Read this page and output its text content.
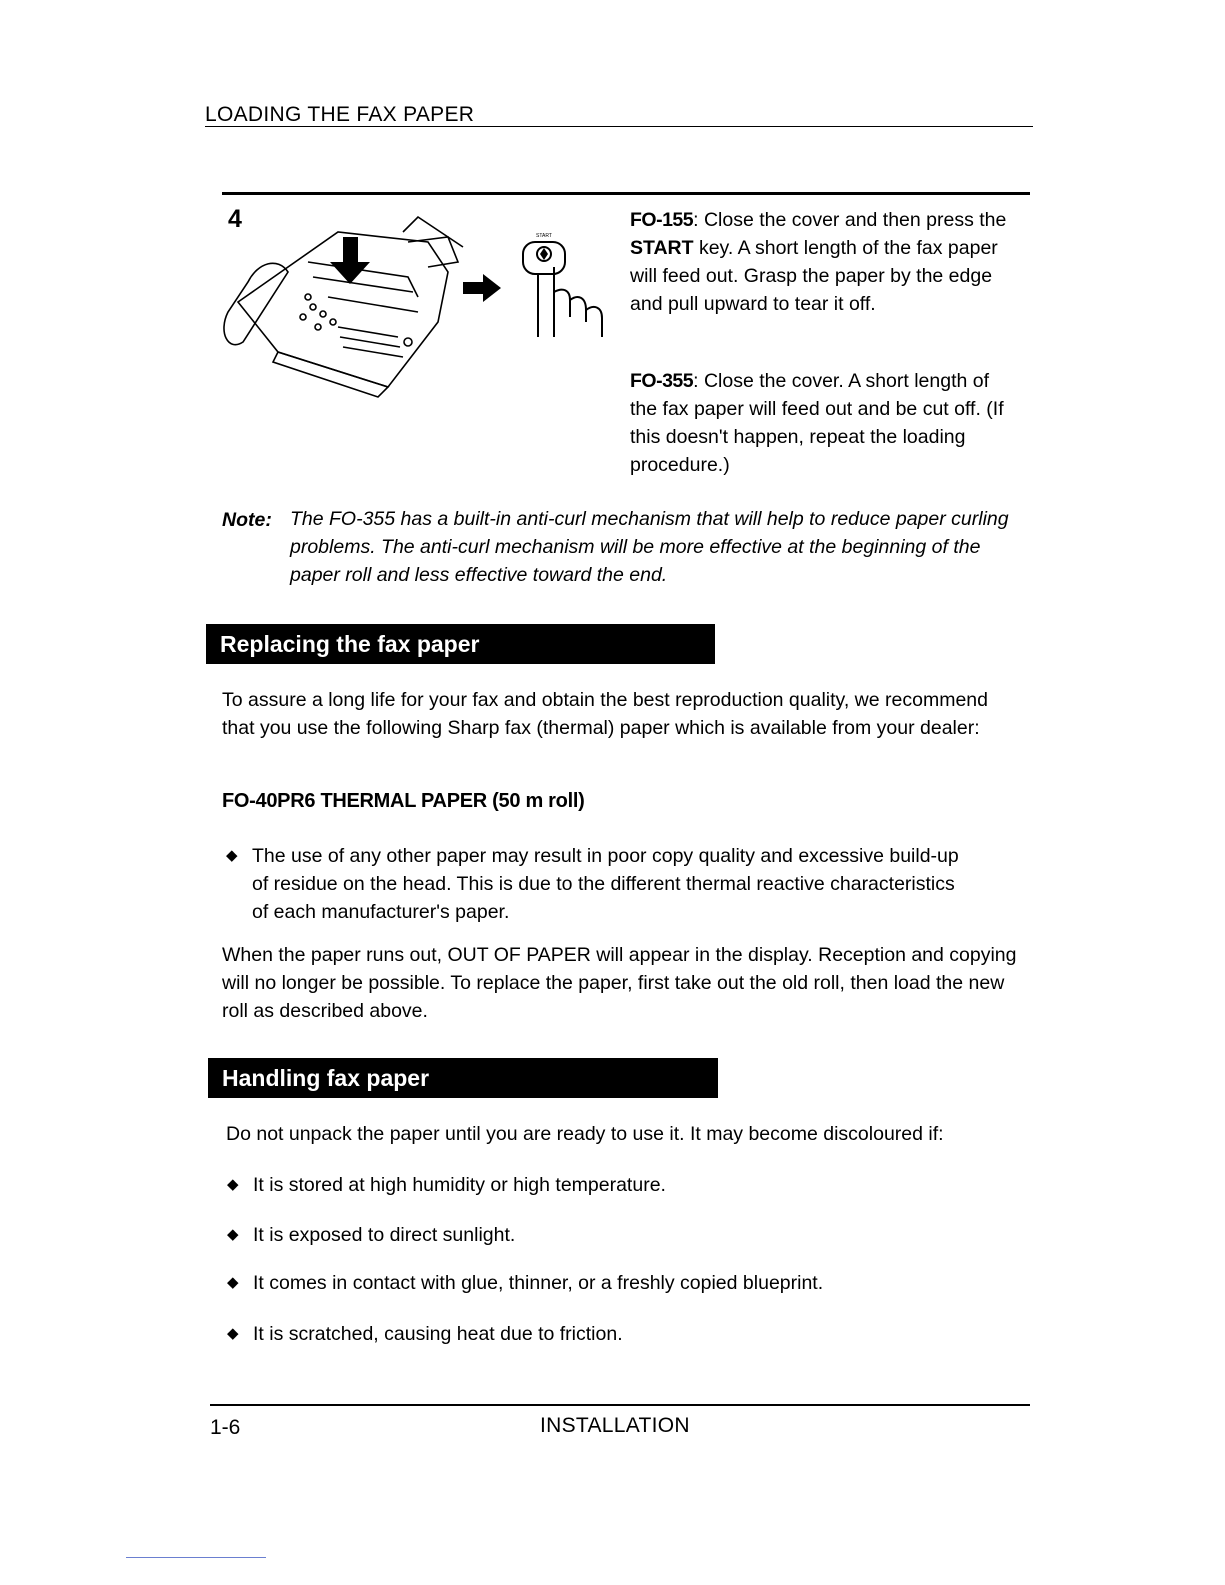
LOADING THE FAX PAPER
4
START
FO-155: Close the cover and then press the START key. A short length of the fax paper will feed out. Grasp the paper by the edge and pull upward to tear it off.
FO-355: Close the cover. A short length of the fax paper will feed out and be cut off. (If this doesn't happen, repeat the loading procedure.)
Note: The FO-355 has a built-in anti-curl mechanism that will help to reduce paper curling problems. The anti-curl mechanism will be more effective at the beginning of the paper roll and less effective toward the end.
Replacing the fax paper
To assure a long life for your fax and obtain the best reproduction quality, we recommend that you use the following Sharp fax (thermal) paper which is available from your dealer:
FO-40PR6 THERMAL PAPER (50 m roll)
◆ The use of any other paper may result in poor copy quality and excessive build-up of residue on the head. This is due to the different thermal reactive characteristics of each manufacturer's paper.
When the paper runs out, OUT OF PAPER will appear in the display. Reception and copying will no longer be possible. To replace the paper, first take out the old roll, then load the new roll as described above.
Handling fax paper
Do not unpack the paper until you are ready to use it. It may become discoloured if:
◆ It is stored at high humidity or high temperature.
◆ It is exposed to direct sunlight.
◆ It comes in contact with glue, thinner, or a freshly copied blueprint.
◆ It is scratched, causing heat due to friction.
1-6	INSTALLATION
